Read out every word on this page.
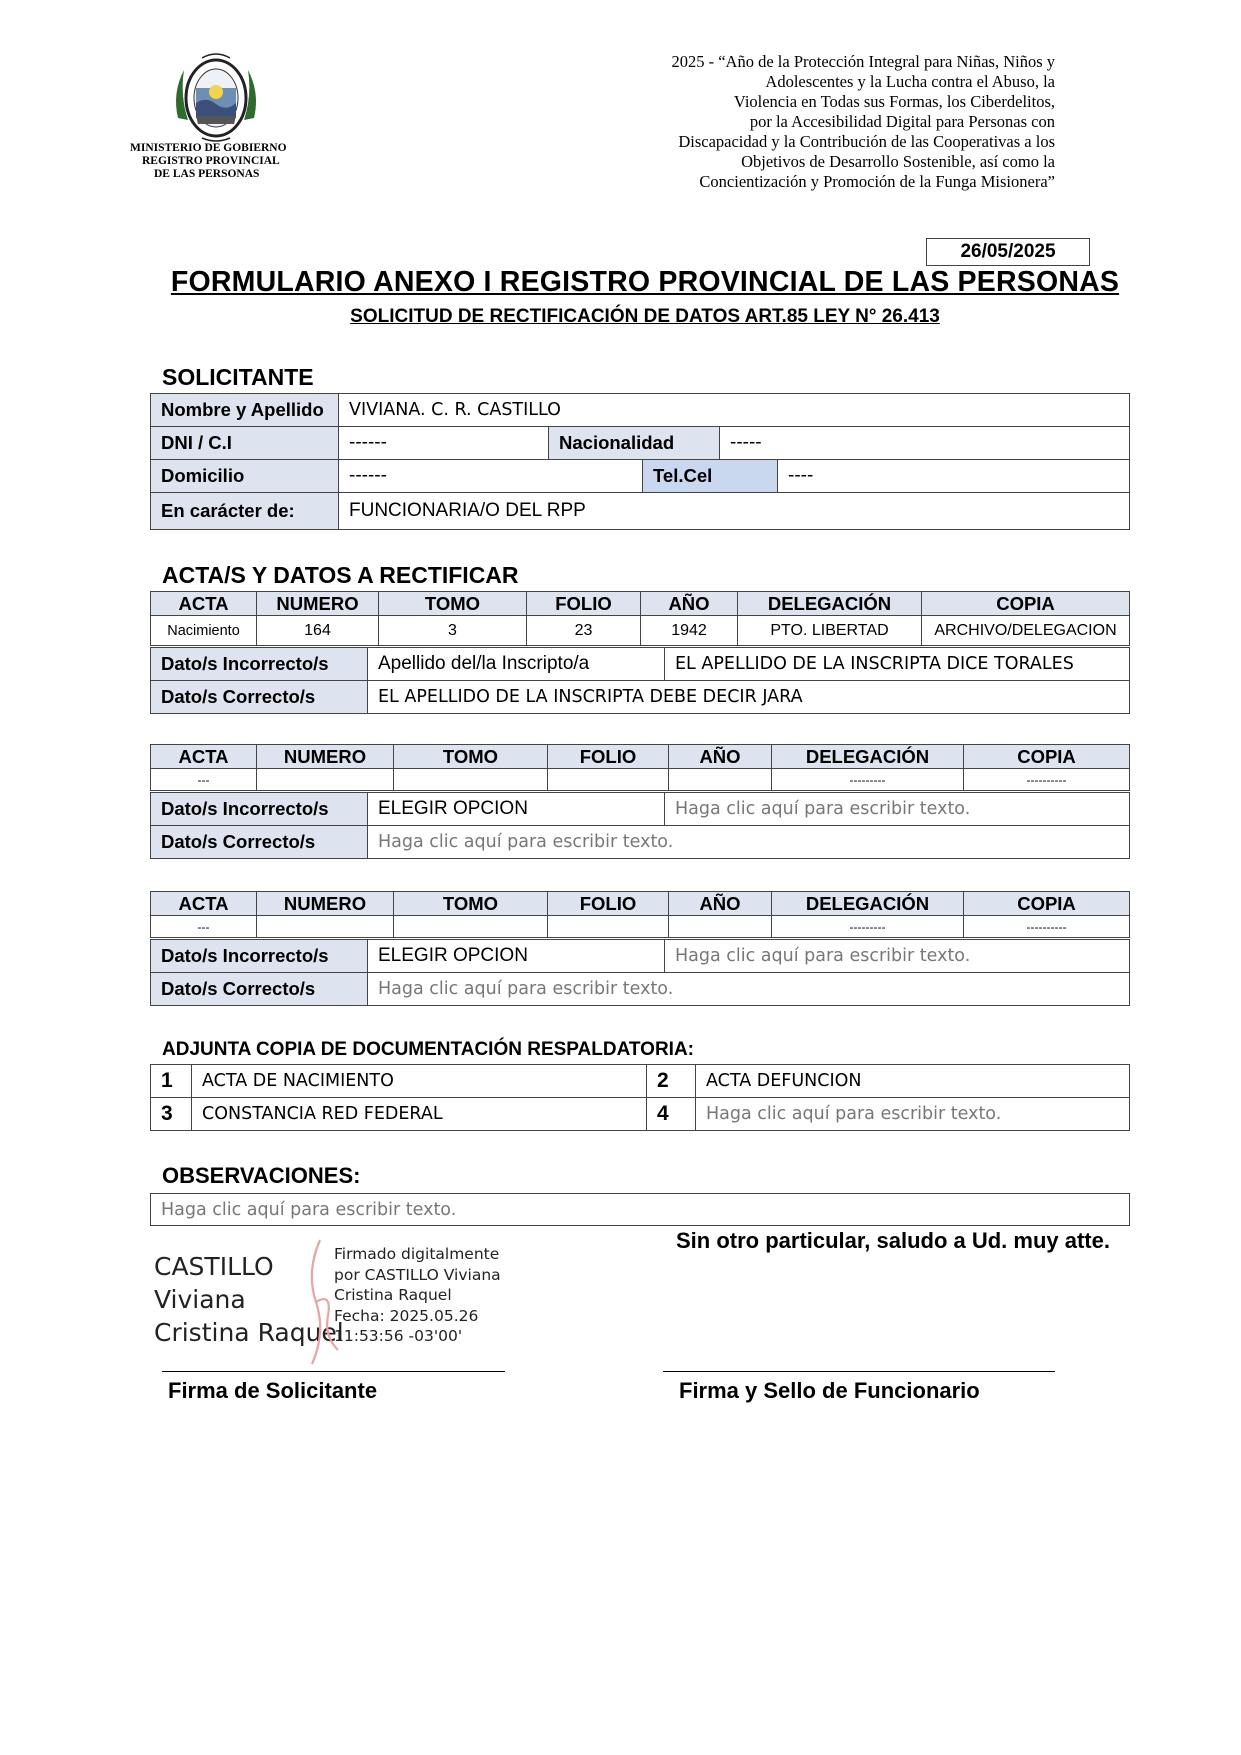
MINISTERIO DE GOBIERNO
REGISTRO PROVINCIAL
DE LAS PERSONAS
2025 - “Año de la Protección Integral para Niñas, Niños y
Adolescentes y la Lucha contra el Abuso, la
Violencia en Todas sus Formas, los Ciberdelitos,
por la Accesibilidad Digital para Personas con
Discapacidad y la Contribución de las Cooperativas a los
Objetivos de Desarrollo Sostenible, así como la
Concientización y Promoción de la Funga Misionera”
26/05/2025
FORMULARIO ANEXO I REGISTRO PROVINCIAL DE LAS PERSONAS
SOLICITUD DE RECTIFICACIÓN DE DATOS ART.85 LEY N° 26.413
SOLICITANTE
Nombre y Apellido	VIVIANA. C. R. CASTILLO				
DNI / C.I	------	Nacionalidad		-----	
Domicilio	------		Tel.Cel		----
En carácter de:	FUNCIONARIA/O DEL RPP				
ACTA/S Y DATOS A RECTIFICAR
ACTA	NUMERO	TOMO	FOLIO	AÑO	DELEGACIÓN	COPIA
Nacimiento	164	3	23	1942	PTO. LIBERTAD	ARCHIVO/DELEGACION
Dato/s Incorrecto/s	Apellido del/la Inscripto/a	EL APELLIDO DE LA INSCRIPTA DICE TORALES
Dato/s Correcto/s	EL APELLIDO DE LA INSCRIPTA DEBE DECIR JARA	
ACTA	NUMERO	TOMO	FOLIO	AÑO	DELEGACIÓN	COPIA
---					---------	----------
Dato/s Incorrecto/s	ELEGIR OPCION	Haga clic aquí para escribir texto.
Dato/s Correcto/s	Haga clic aquí para escribir texto.	
ACTA	NUMERO	TOMO	FOLIO	AÑO	DELEGACIÓN	COPIA
---					---------	----------
Dato/s Incorrecto/s	ELEGIR OPCION	Haga clic aquí para escribir texto.
Dato/s Correcto/s	Haga clic aquí para escribir texto.	
ADJUNTA COPIA DE DOCUMENTACIÓN RESPALDATORIA:
1	ACTA DE NACIMIENTO	2	ACTA DEFUNCION
3	CONSTANCIA RED FEDERAL	4	Haga clic aquí para escribir texto.
OBSERVACIONES:
Haga clic aquí para escribir texto.
Sin otro particular, saludo a Ud. muy atte.
CASTILLO
Viviana
Cristina Raquel
Firmado digitalmente
por CASTILLO Viviana
Cristina Raquel
Fecha: 2025.05.26
11:53:56 -03'00'
Firma de Solicitante	Firma y Sello de Funcionario
